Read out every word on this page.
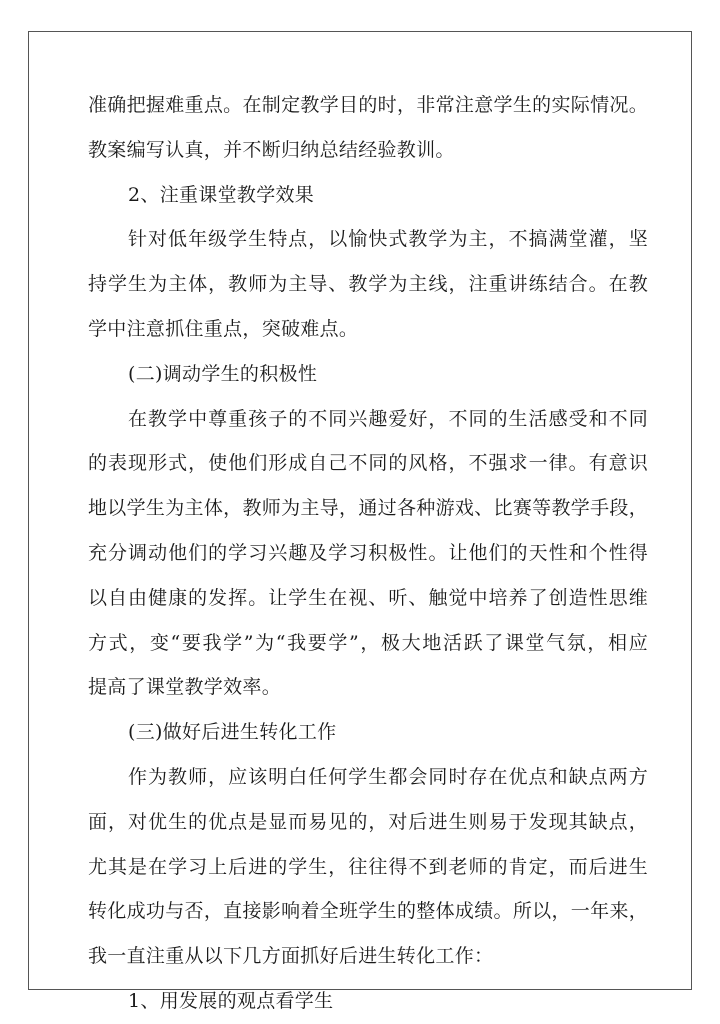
准确把握难重点。在制定教学目的时，非常注意学生的实际情况。
教案编写认真，并不断归纳总结经验教训。
2、注重课堂教学效果
针对低年级学生特点，以愉快式教学为主，不搞满堂灌，坚
持学生为主体，教师为主导、教学为主线，注重讲练结合。在教
学中注意抓住重点，突破难点。
(二)调动学生的积极性
在教学中尊重孩子的不同兴趣爱好，不同的生活感受和不同
的表现形式，使他们形成自己不同的风格，不强求一律。有意识
地以学生为主体，教师为主导，通过各种游戏、比赛等教学手段，
充分调动他们的学习兴趣及学习积极性。让他们的天性和个性得
以自由健康的发挥。让学生在视、听、触觉中培养了创造性思维
方式，变“要我学”为“我要学”，极大地活跃了课堂气氛，相应
提高了课堂教学效率。
(三)做好后进生转化工作
作为教师，应该明白任何学生都会同时存在优点和缺点两方
面，对优生的优点是显而易见的，对后进生则易于发现其缺点，
尤其是在学习上后进的学生，往往得不到老师的肯定，而后进生
转化成功与否，直接影响着全班学生的整体成绩。所以，一年来，
我一直注重从以下几方面抓好后进生转化工作：
1、用发展的观点看学生
